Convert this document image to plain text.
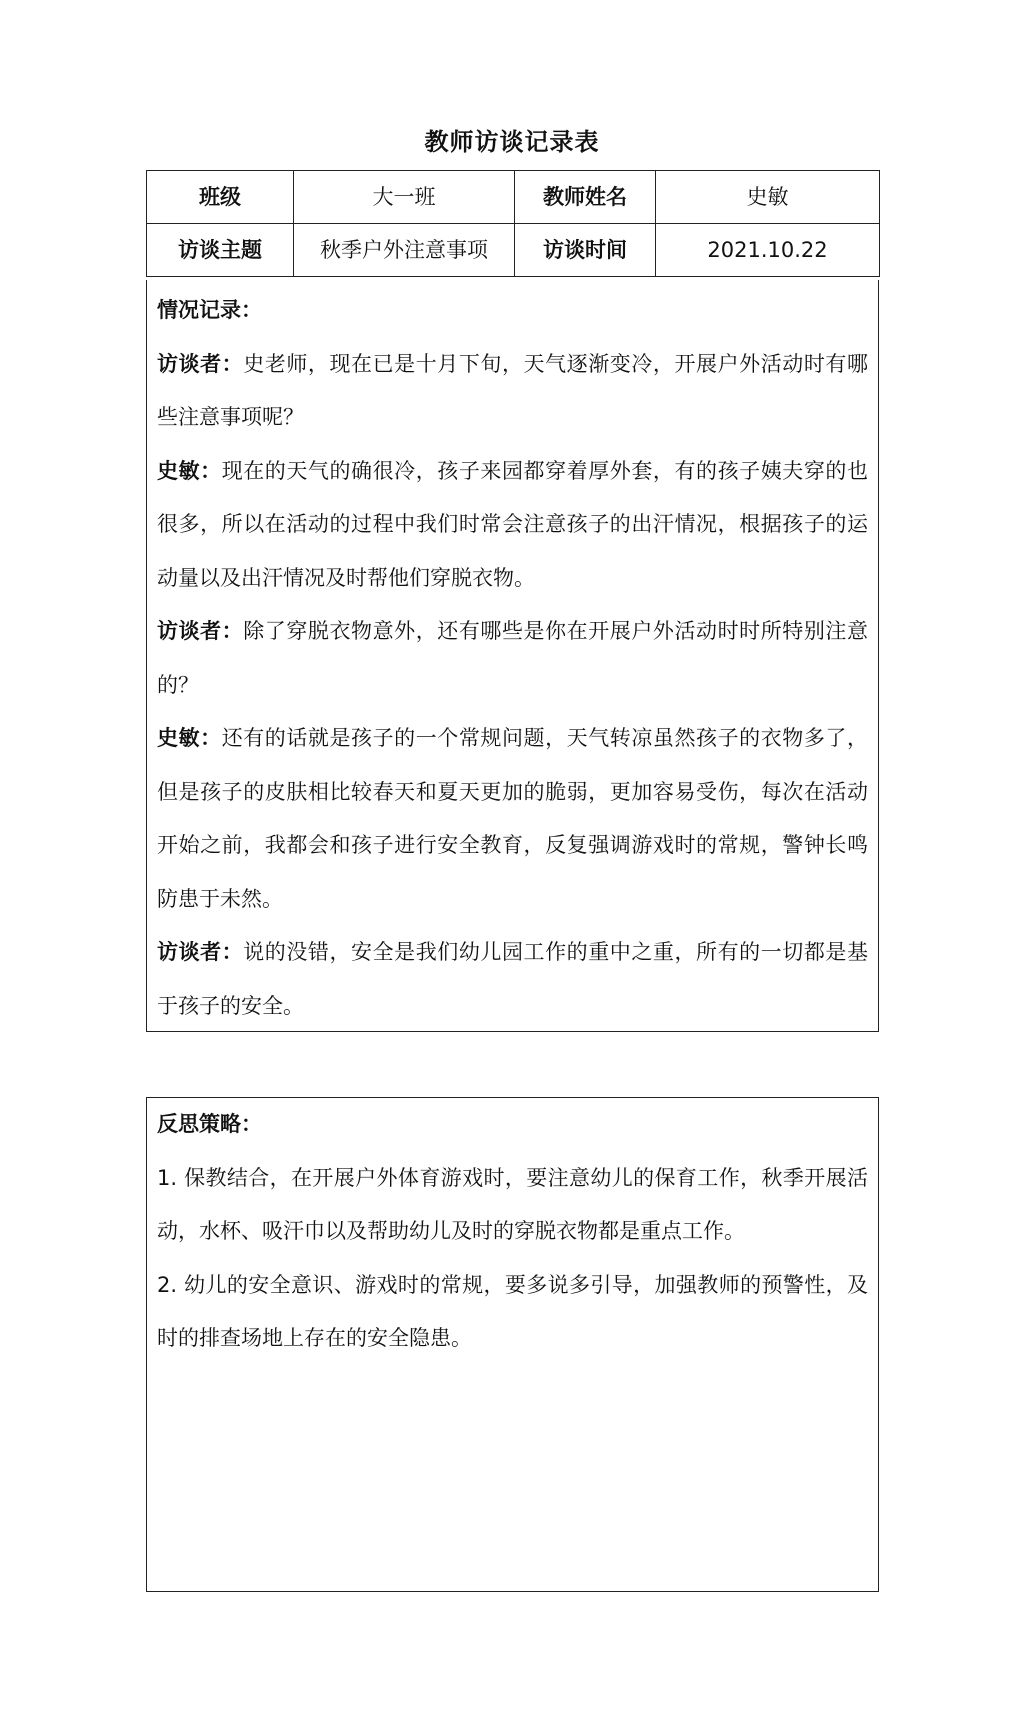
教师访谈记录表
班级	大一班	教师姓名	史敏
访谈主题	秋季户外注意事项	访谈时间	2021.10.22

情况记录：

访谈者：史老师，现在已是十月下旬，天气逐渐变冷，开展户外活动时有哪些注意事项呢？

史敏：现在的天气的确很冷，孩子来园都穿着厚外套，有的孩子姨夫穿的也很多，所以在活动的过程中我们时常会注意孩子的出汗情况，根据孩子的运动量以及出汗情况及时帮他们穿脱衣物。

访谈者：除了穿脱衣物意外，还有哪些是你在开展户外活动时时所特别注意的？

史敏：还有的话就是孩子的一个常规问题，天气转凉虽然孩子的衣物多了，但是孩子的皮肤相比较春天和夏天更加的脆弱，更加容易受伤，每次在活动开始之前，我都会和孩子进行安全教育，反复强调游戏时的常规，警钟长鸣防患于未然。

访谈者：说的没错，安全是我们幼儿园工作的重中之重，所有的一切都是基于孩子的安全。

反思策略：

1. 保教结合，在开展户外体育游戏时，要注意幼儿的保育工作，秋季开展活动，水杯、吸汗巾以及帮助幼儿及时的穿脱衣物都是重点工作。

2. 幼儿的安全意识、游戏时的常规，要多说多引导，加强教师的预警性，及时的排查场地上存在的安全隐患。
